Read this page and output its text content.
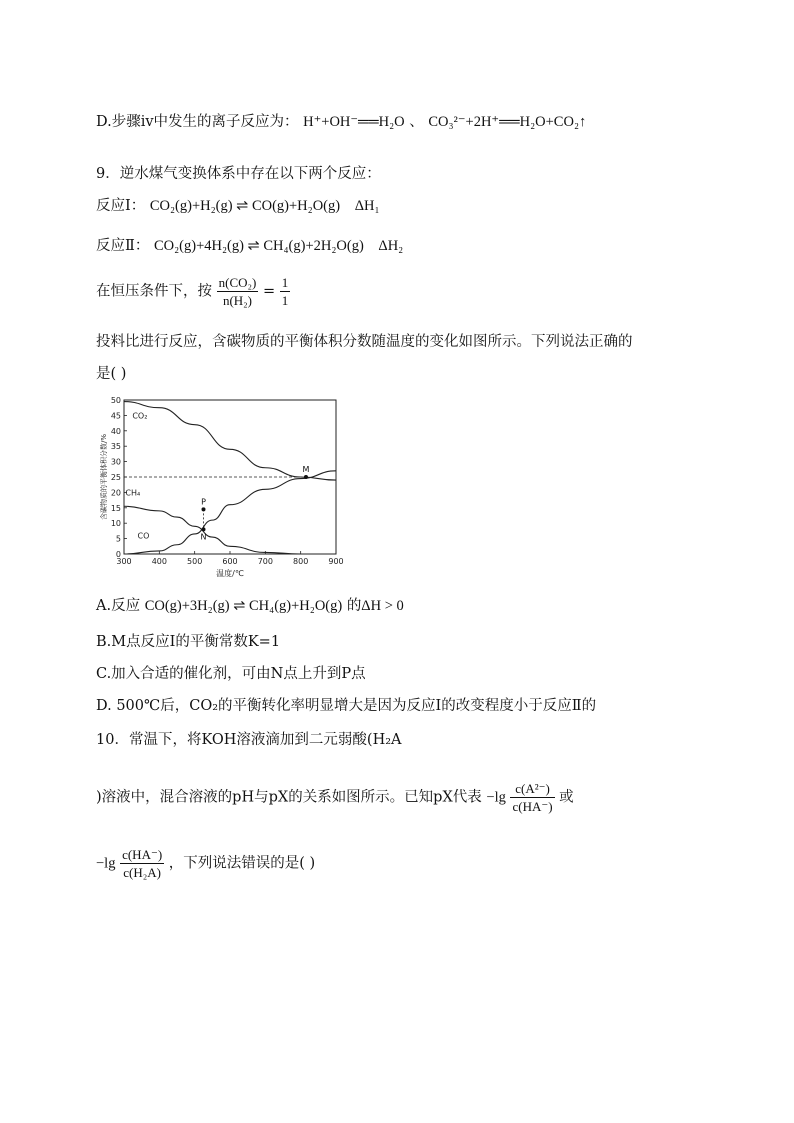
D.步骤ⅳ中发生的离子反应为： H⁺+OH⁻══H₂O 、 CO₃²⁻+2H⁺══H₂O+CO₂↑
9．逆水煤气变换体系中存在以下两个反应：
反应Ⅰ： CO₂(g)+H₂(g) ⇌ CO(g)+H₂O(g) ΔH₁
反应Ⅱ： CO₂(g)+4H₂(g) ⇌ CH₄(g)+2H₂O(g) ΔH₂
在恒压条件下，按 $\frac{\text{n(CO₂)}}{\text{n(H₂)}} = \frac{1}{1}$
投料比进行反应，含碳物质的平衡体积分数随温度的变化如图所示。下列说法正确的
是( )
0
5
10
15
20
25
30
35
40
45
50
300	400	500	600	700	800	900
温度/℃
含碳物质的平衡体积分数/%
CO₂
CH₄
CO
M
N
P
A.反应 CO(g)+3H₂(g) ⇌ CH₄(g)+H₂O(g) 的ΔH > 0
B.M点反应Ⅰ的平衡常数K=1
C.加入合适的催化剂，可由N点上升到P点
D. 500℃后，CO₂的平衡转化率明显增大是因为反应Ⅰ的改变程度小于反应Ⅱ的
10．常温下，将KOH溶液滴加到二元弱酸(H₂A
)溶液中，混合溶液的pH与pX的关系如图所示。已知pX代表 $-\lg \frac{\text{c(A²⁻)}}{c(HA^-)}$ 或
$-\lg \frac{c(HA^-)}{\text{c(H₂A)}}$ ，下列说法错误的是( )
